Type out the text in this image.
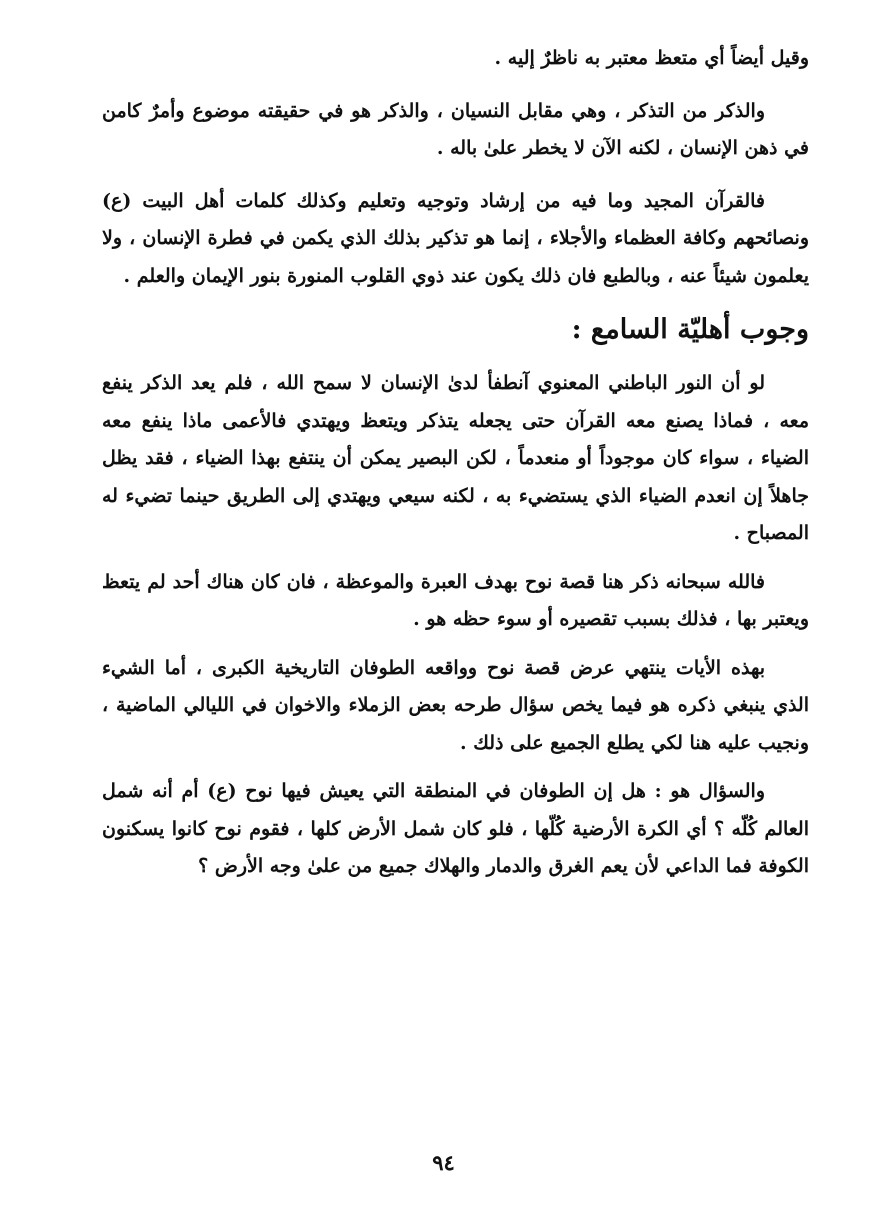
وقيل أيضاً أي متعظ معتبر به ناظرٌ إليه .

والذكر من التذكر ، وهي مقابل النسيان ، والذكر هو في حقيقته موضوع وأمرٌ كامن في ذهن الإنسان ، لكنه الآن لا يخطر علىٰ باله .

فالقرآن المجيد وما فيه من إرشاد وتوجيه وتعليم وكذلك كلمات أهل البيت (ع) ونصائحهم وكافة العظماء والأجلاء ، إنما هو تذكير بذلك الذي يكمن في فطرة الإنسان ، ولا يعلمون شيئاً عنه ، وبالطبع فان ذلك يكون عند ذوي القلوب المنورة بنور الإيمان والعلم .

وجوب أهليّة السامع :

لو أن النور الباطني المعنوي آنطفأ لدىٰ الإنسان لا سمح الله ، فلم يعد الذكر ينفع معه ، فماذا يصنع معه القرآن حتى يجعله يتذكر ويتعظ ويهتدي فالأعمى ماذا ينفع معه الضياء ، سواء كان موجوداً أو منعدماً ، لكن البصير يمكن أن ينتفع بهذا الضياء ، فقد يظل جاهلاً إن انعدم الضياء الذي يستضيء به ، لكنه سيعي ويهتدي إلى الطريق حينما تضيء له المصباح .

فالله سبحانه ذكر هنا قصة نوح بهدف العبرة والموعظة ، فان كان هناك أحد لم يتعظ ويعتبر بها ، فذلك بسبب تقصيره أو سوء حظه هو .

بهذه الأيات ينتهي عرض قصة نوح وواقعه الطوفان التاريخية الكبرى ، أما الشيء الذي ينبغي ذكره هو فيما يخص سؤال طرحه بعض الزملاء والاخوان في الليالي الماضية ، ونجيب عليه هنا لكي يطلع الجميع على ذلك .

والسؤال هو : هل إن الطوفان في المنطقة التي يعيش فيها نوح (ع) أم أنه شمل العالم كُلّه ؟ أي الكرة الأرضية كُلّها ، فلو كان شمل الأرض كلها ، فقوم نوح كانوا يسكنون الكوفة فما الداعي لأن يعم الغرق والدمار والهلاك جميع من علىٰ وجه الأرض ؟

٩٤
